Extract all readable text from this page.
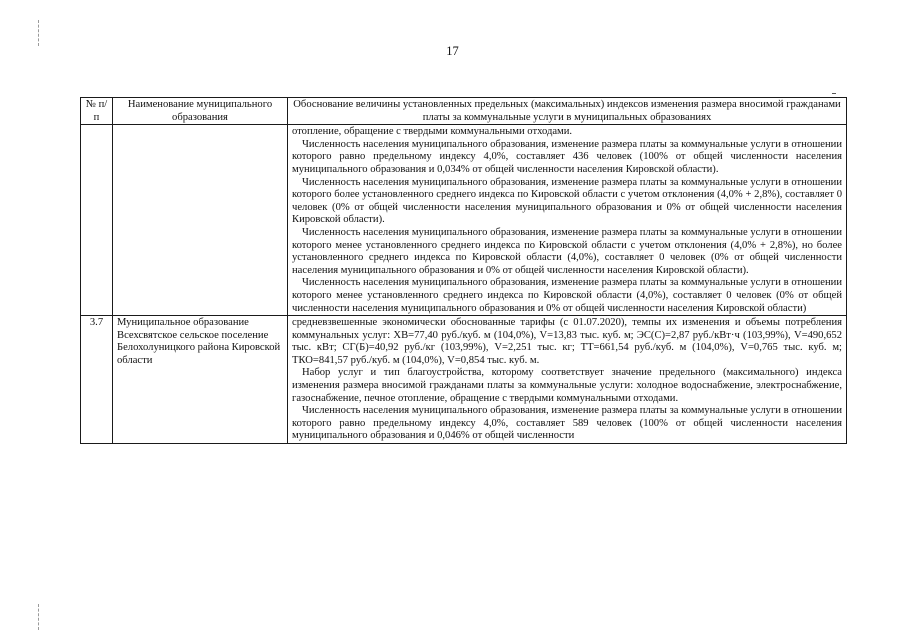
17
№ п/п	Наименование муниципального образования	Обоснование величины установленных предельных (максимальных) индексов изменения размера вносимой гражданами платы за коммунальные услуги в муниципальных образованиях

		отопление, обращение с твердыми коммунальными отходами.
Численность населения муниципального образования, изменение размера платы за коммунальные услуги в отношении которого равно предельному индексу 4,0%, составляет 436 человек (100% от общей численности населения муниципального образования и 0,034% от общей численности населения Кировской области).
Численность населения муниципального образования, изменение размера платы за коммунальные услуги в отношении которого более установленного среднего индекса по Кировской области с учетом отклонения (4,0% + 2,8%), составляет 0 человек (0% от общей численности населения муниципального образования и 0% от общей численности населения Кировской области).
Численность населения муниципального образования, изменение размера платы за коммунальные услуги в отношении которого менее установленного среднего индекса по Кировской области с учетом отклонения (4,0% + 2,8%), но более установленного среднего индекса по Кировской области (4,0%), составляет 0 человек (0% от общей численности населения муниципального образования и 0% от общей численности населения Кировской области).
Численность населения муниципального образования, изменение размера платы за коммунальные услуги в отношении которого менее установленного среднего индекса по Кировской области (4,0%), составляет 0 человек (0% от общей численности населения муниципального образования и 0% от общей численности населения Кировской области)

3.7	Муниципальное образование Всехсвятское сельское поселение Белохолуницкого района Кировской области	средневзвешенные экономически обоснованные тарифы (с 01.07.2020), темпы их изменения и объемы потребления коммунальных услуг: ХВ=77,40 руб./куб. м (104,0%), V=13,83 тыс. куб. м; ЭС(С)=2,87 руб./кВт·ч (103,99%), V=490,652 тыс. кВт; СГ(Б)=40,92 руб./кг (103,99%), V=2,251 тыс. кг; ТТ=661,54 руб./куб. м (104,0%), V=0,765 тыс. куб. м; ТКО=841,57 руб./куб. м (104,0%), V=0,854 тыс. куб. м.
Набор услуг и тип благоустройства, которому соответствует значение предельного (максимального) индекса изменения размера вносимой гражданами платы за коммунальные услуги: холодное водоснабжение, электроснабжение, газоснабжение, печное отопление, обращение с твердыми коммунальными отходами.
Численность населения муниципального образования, изменение размера платы за коммунальные услуги в отношении которого равно предельному индексу 4,0%, составляет 589 человек (100% от общей численности населения муниципального образования и 0,046% от общей численности
